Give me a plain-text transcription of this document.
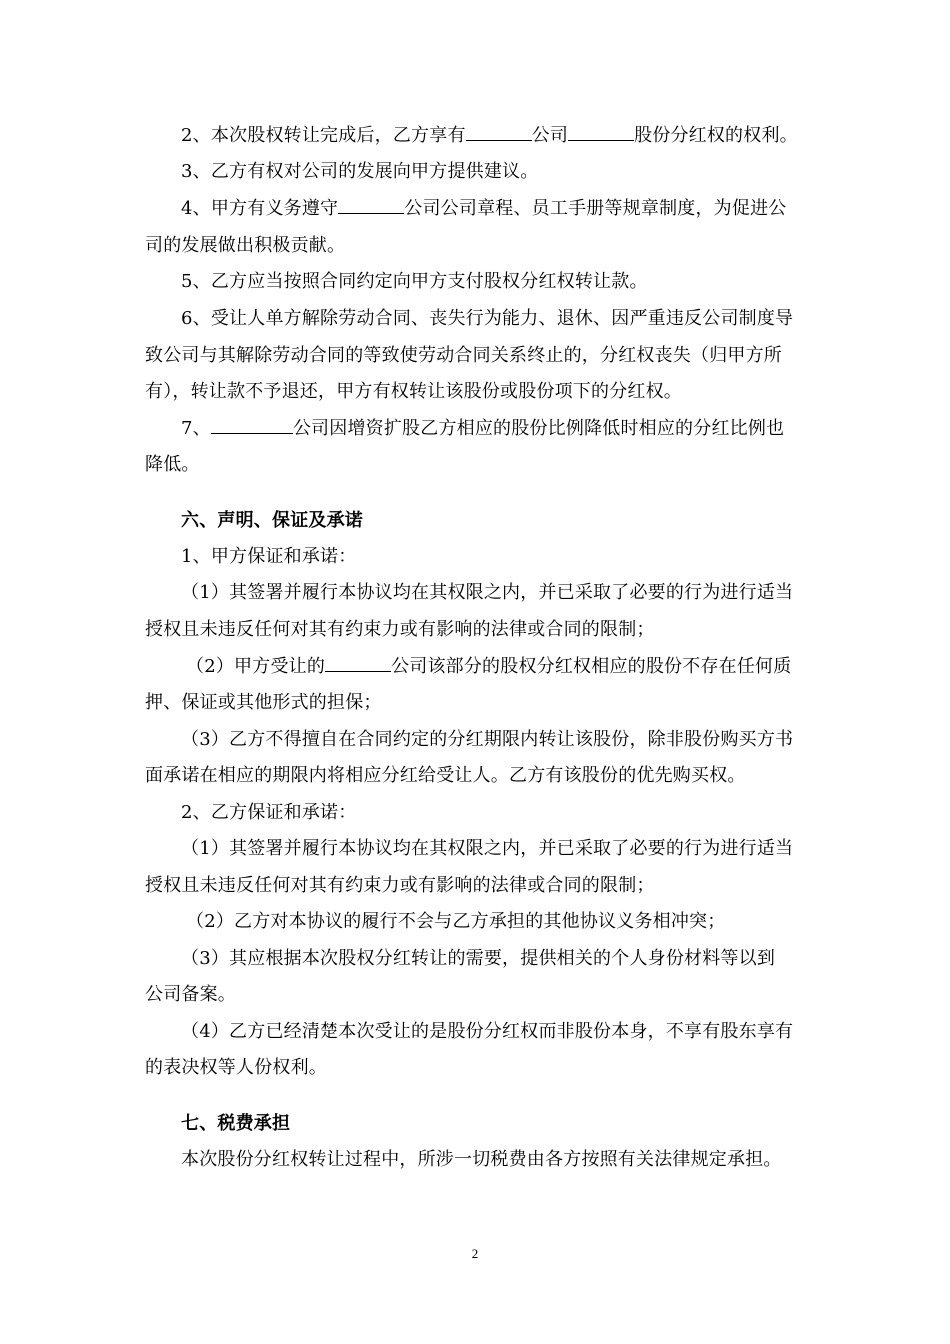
2、本次股权转让完成后，乙方享有	公司	股份分红权的权利。
3、乙方有权对公司的发展向甲方提供建议。
4、甲方有义务遵守	公司公司章程、员工手册等规章制度，为促进公
司的发展做出积极贡献。
5、乙方应当按照合同约定向甲方支付股权分红权转让款。
6、受让人单方解除劳动合同、丧失行为能力、退休、因严重违反公司制度导
致公司与其解除劳动合同的等致使劳动合同关系终止的，分红权丧失（归甲方所
有），转让款不予退还，甲方有权转让该股份或股份项下的分红权。
7、	公司因增资扩股乙方相应的股份比例降低时相应的分红比例也
降低。
六、声明、保证及承诺
1、甲方保证和承诺：
（1）其签署并履行本协议均在其权限之内，并已采取了必要的行为进行适当
授权且未违反任何对其有约束力或有影响的法律或合同的限制；
（2）甲方受让的	公司该部分的股权分红权相应的股份不存在任何质
押、保证或其他形式的担保；
（3）乙方不得擅自在合同约定的分红期限内转让该股份，除非股份购买方书
面承诺在相应的期限内将相应分红给受让人。乙方有该股份的优先购买权。
2、乙方保证和承诺：
（1）其签署并履行本协议均在其权限之内，并已采取了必要的行为进行适当
授权且未违反任何对其有约束力或有影响的法律或合同的限制；
（2）乙方对本协议的履行不会与乙方承担的其他协议义务相冲突；
（3）其应根据本次股权分红转让的需要，提供相关的个人身份材料等以到
公司备案。
（4）乙方已经清楚本次受让的是股份分红权而非股份本身，不享有股东享有
的表决权等人份权利。
七、税费承担
本次股份分红权转让过程中，所涉一切税费由各方按照有关法律规定承担。
2
